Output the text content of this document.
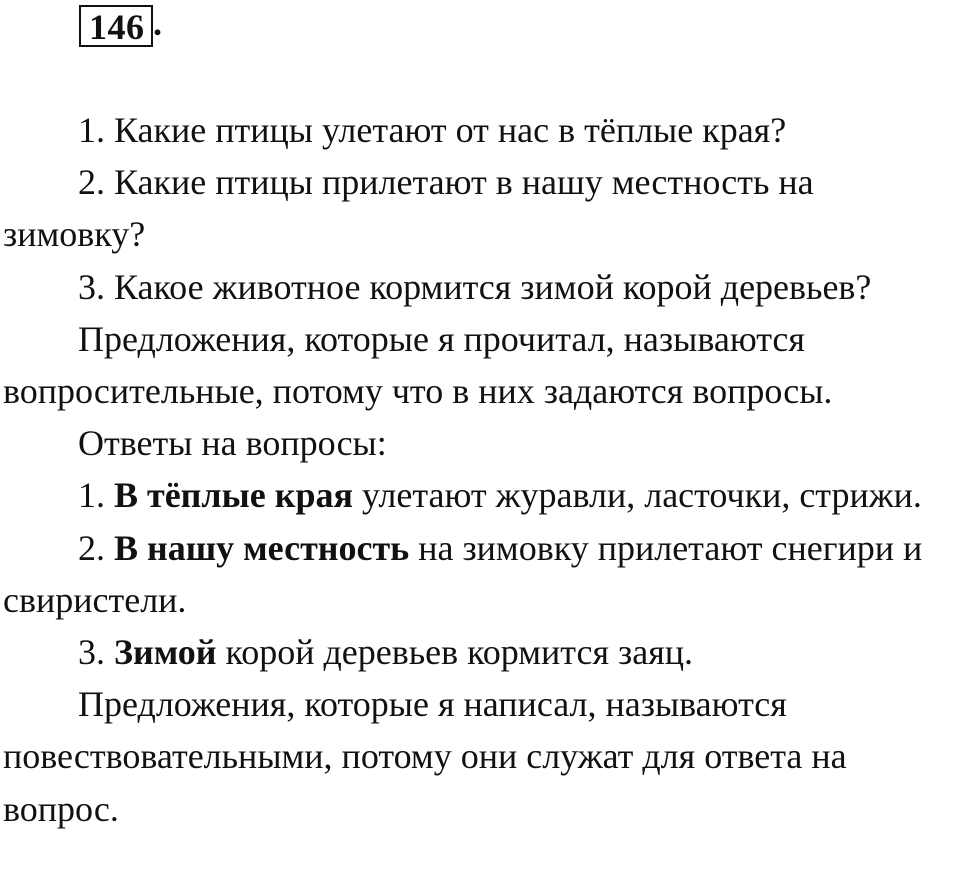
146 .

1. Какие птицы улетают от нас в тёплые края?

2. Какие птицы прилетают в нашу местность на зимовку?

3. Какое животное кормится зимой корой деревьев?

Предложения, которые я прочитал, называются вопросительные, потому что в них задаются вопросы.

Ответы на вопросы:

1. В тёплые края улетают журавли, ласточки, стрижи.

2. В нашу местность на зимовку прилетают снегири и свиристели.

3. Зимой корой деревьев кормится заяц.

Предложения, которые я написал, называются повествовательными, потому они служат для ответа на вопрос.
